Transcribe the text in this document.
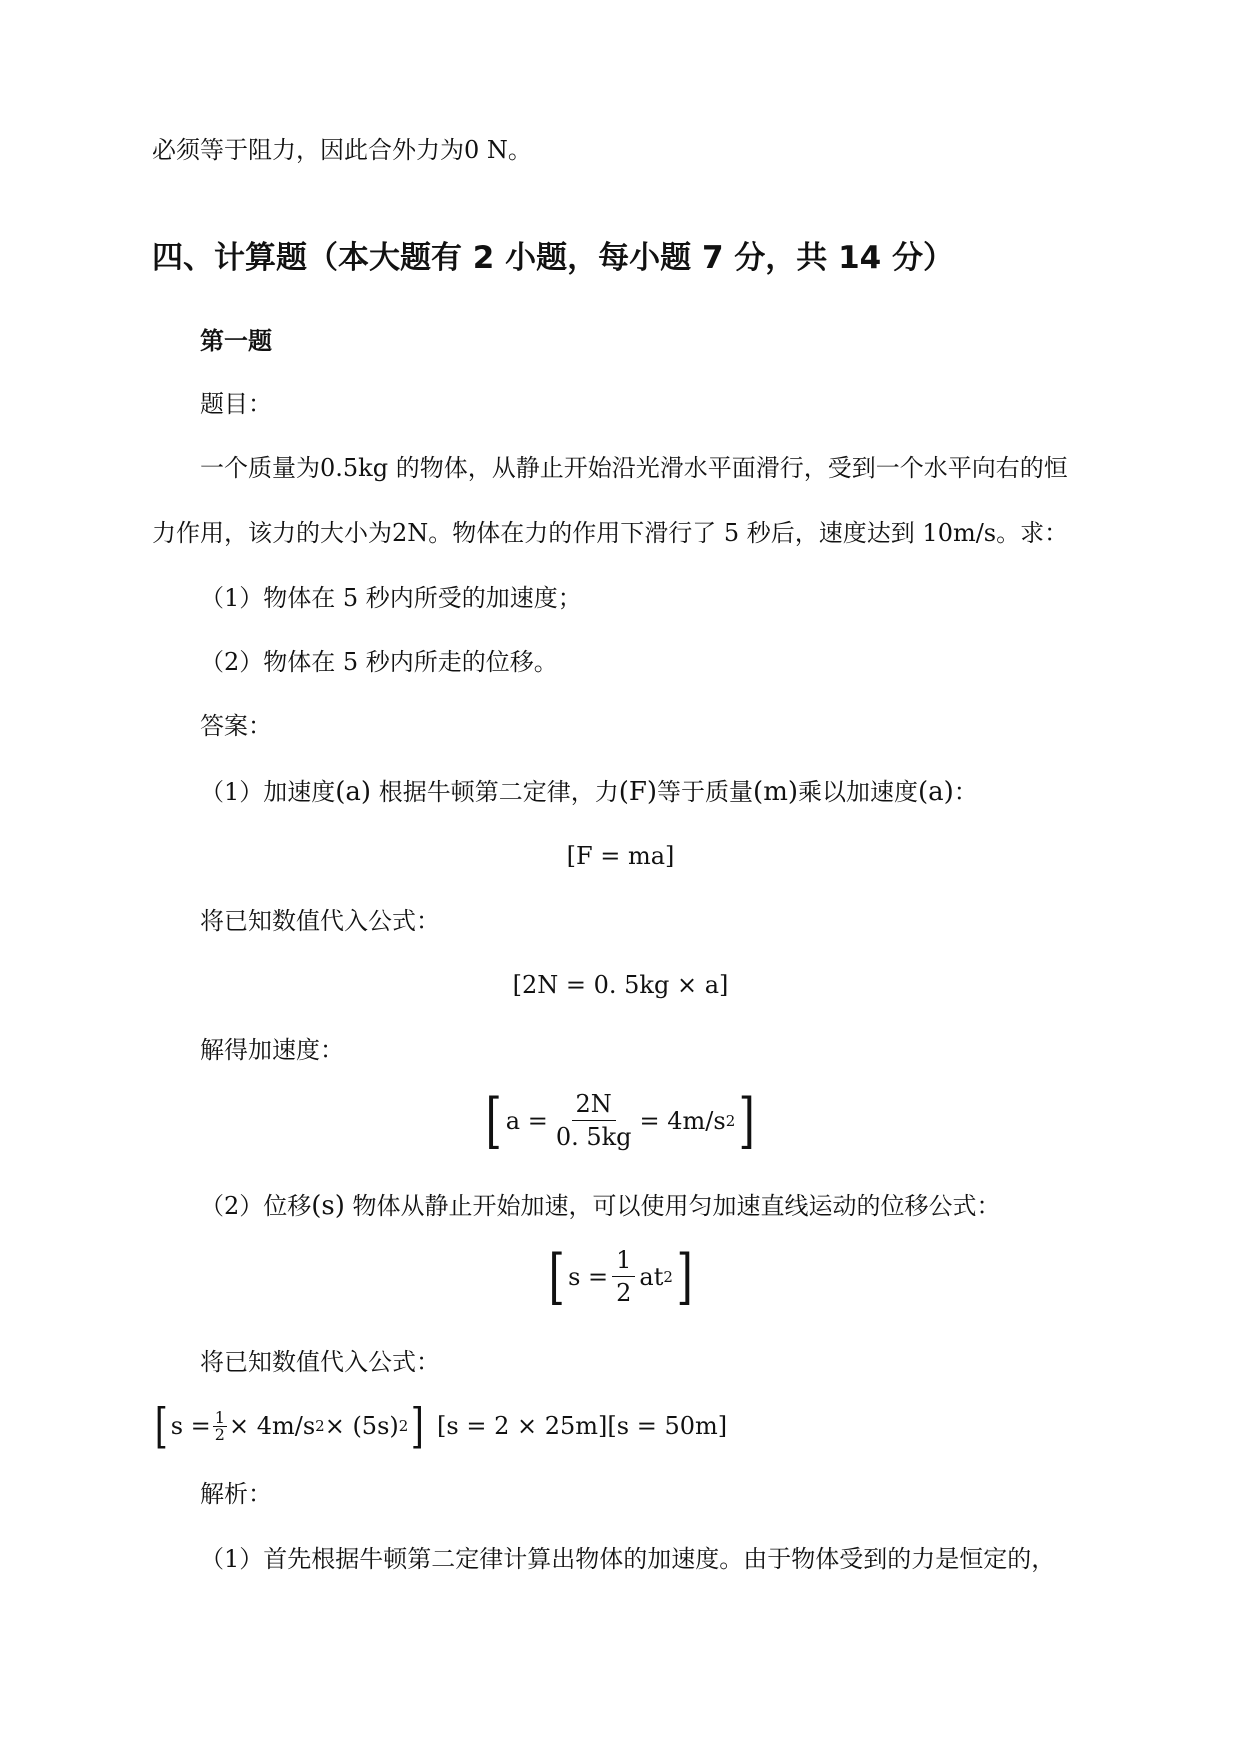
必须等于阻力，因此合外力为0 N。
四、计算题（本大题有 2 小题，每小题 7 分，共 14 分）
第一题
题目：
一个质量为0.5kg 的物体，从静止开始沿光滑水平面滑行，受到一个水平向右的恒
力作用，该力的大小为2N。物体在力的作用下滑行了 5 秒后，速度达到 10m/s。求：
（1）物体在 5 秒内所受的加速度；
（2）物体在 5 秒内所走的位移。
答案：
（1）加速度(a) 根据牛顿第二定律，力(F)等于质量(m)乘以加速度(a)：
[F = ma]
将已知数值代入公式：
[2N = 0. 5kg × a]
解得加速度：
[ $a = \frac{2N}{0. 5kg} = 4m/s$ 2 ]
（2）位移(s) 物体从静止开始加速，可以使用匀加速直线运动的位移公式：
[ $s = \frac{1}{2}$ at 2 ]
将已知数值代入公式：
[ $s = \frac{1}{2} \times 4m/s$ 2 × (5s) 2 ] [s = 2 × 25m][s = 50m]
解析：
（1）首先根据牛顿第二定律计算出物体的加速度。由于物体受到的力是恒定的，
